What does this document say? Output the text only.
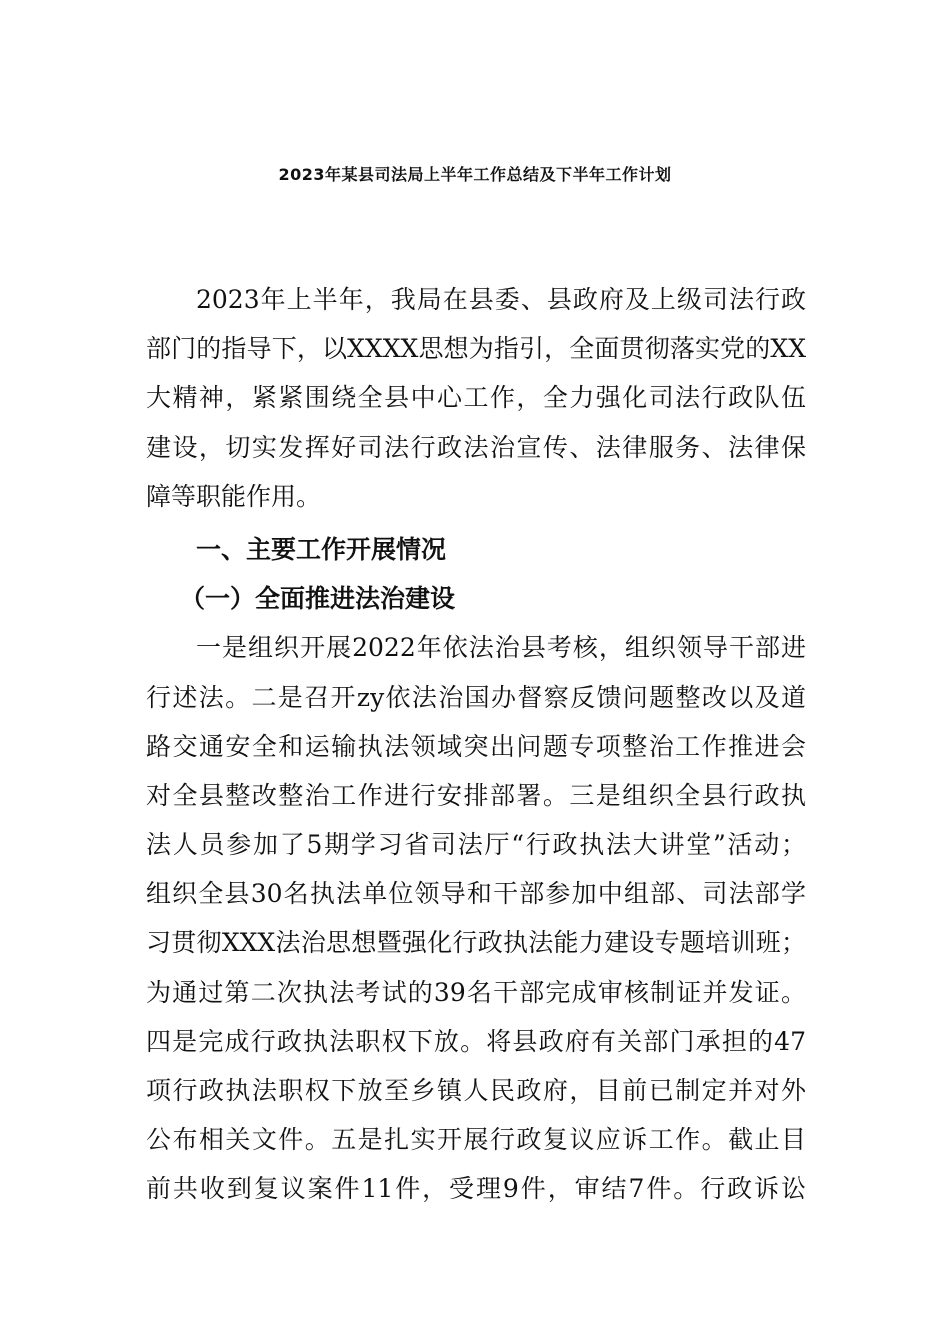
2023年某县司法局上半年工作总结及下半年工作计划
2023年上半年，我局在县委、县政府及上级司法行政
部门的指导下，以XXXX思想为指引，全面贯彻落实党的XX
大精神，紧紧围绕全县中心工作，全力强化司法行政队伍
建设，切实发挥好司法行政法治宣传、法律服务、法律保
障等职能作用。
一、主要工作开展情况
（一）全面推进法治建设
一是组织开展2022年依法治县考核，组织领导干部进
行述法。二是召开zy依法治国办督察反馈问题整改以及道
路交通安全和运输执法领域突出问题专项整治工作推进会
对全县整改整治工作进行安排部署。三是组织全县行政执
法人员参加了5期学习省司法厅“行政执法大讲堂”活动；
组织全县30名执法单位领导和干部参加中组部、司法部学
习贯彻XXX法治思想暨强化行政执法能力建设专题培训班；
为通过第二次执法考试的39名干部完成审核制证并发证。
四是完成行政执法职权下放。将县政府有关部门承担的47
项行政执法职权下放至乡镇人民政府，目前已制定并对外
公布相关文件。五是扎实开展行政复议应诉工作。截止目
前共收到复议案件11件，受理9件，审结7件。行政诉讼
